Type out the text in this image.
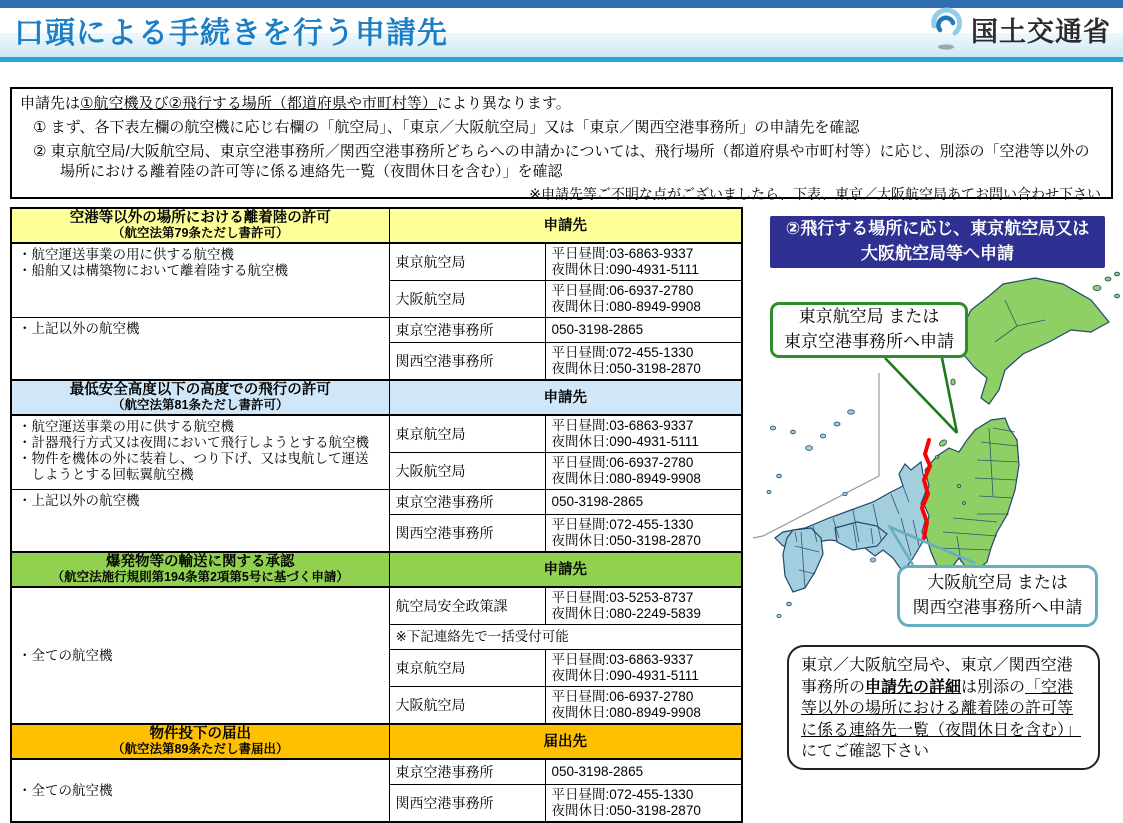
口頭による手続きを行う申請先	国土交通省

申請先は①航空機及び②飛行する場所（都道府県や市町村等）により異なります。

① まず、各下表左欄の航空機に応じ右欄の「航空局」、「東京／大阪航空局」又は「東京／関西空港事務所」の申請先を確認

② 東京航空局/大阪航空局、東京空港事務所／関西空港事務所どちらへの申請かについては、飛行場所（都道府県や市町村等）に応じ、別添の「空港等以外の場所における離着陸の許可等に係る連絡先一覧（夜間休日を含む）」を確認

※申請先等ご不明な点がございましたら、下表、東京／大阪航空局あてお問い合わせ下さい

空港等以外の場所における離着陸の許可
（航空法第79条ただし書許可）	申請先	

・航空運送事業の用に供する航空機
・船舶又は構築物において離着陸する航空機
	東京航空局	
平日昼間:03-6863-9337
夜間休日:090-4931-5111

	大阪航空局	平日昼間:06-6937-2780
夜間休日:080-8949-9908

・上記以外の航空機	東京空港事務所	050-3198-2865

	関西空港事務所	平日昼間:072-455-1330
夜間休日:050-3198-2870

最低安全高度以下の高度での飛行の許可
（航空法第81条ただし書許可）	申請先	

・航空運送事業の用に供する航空機
・計器飛行方式又は夜間において飛行しようとする航空機
・物件を機体の外に装着し、つり下げ、又は曳航して運送
　しようとする回転翼航空機
	東京航空局	
平日昼間:03-6863-9337
夜間休日:090-4931-5111

	大阪航空局	平日昼間:06-6937-2780
夜間休日:080-8949-9908

・上記以外の航空機	東京空港事務所	050-3198-2865

	関西空港事務所	平日昼間:072-455-1330
夜間休日:050-3198-2870

爆発物等の輸送に関する承認
（航空法施行規則第194条第2項第5号に基づく申請）	申請先	

・全ての航空機	航空局安全政策課	平日昼間:03-5253-8737
夜間休日:080-2249-5839

	※下記連絡先で一括受付可能	
	東京航空局	平日昼間:03-6863-9337
夜間休日:090-4931-5111

	大阪航空局	平日昼間:06-6937-2780
夜間休日:080-8949-9908

物件投下の届出
（航空法第89条ただし書届出）	届出先	

・全ての航空機	東京空港事務所	050-3198-2865

	関西空港事務所	平日昼間:072-455-1330
夜間休日:050-3198-2870
②飛行する場所に応じ、東京航空局又は
大阪航空局等へ申請
東京航空局 または
東京空港事務所へ申請
大阪航空局 または
関西空港事務所へ申請
東京／大阪航空局や、東京／関西空港事務所の申請先の詳細は別添の「空港等以外の場所における離着陸の許可等に係る連絡先一覧（夜間休日を含む）」にてご確認下さい
